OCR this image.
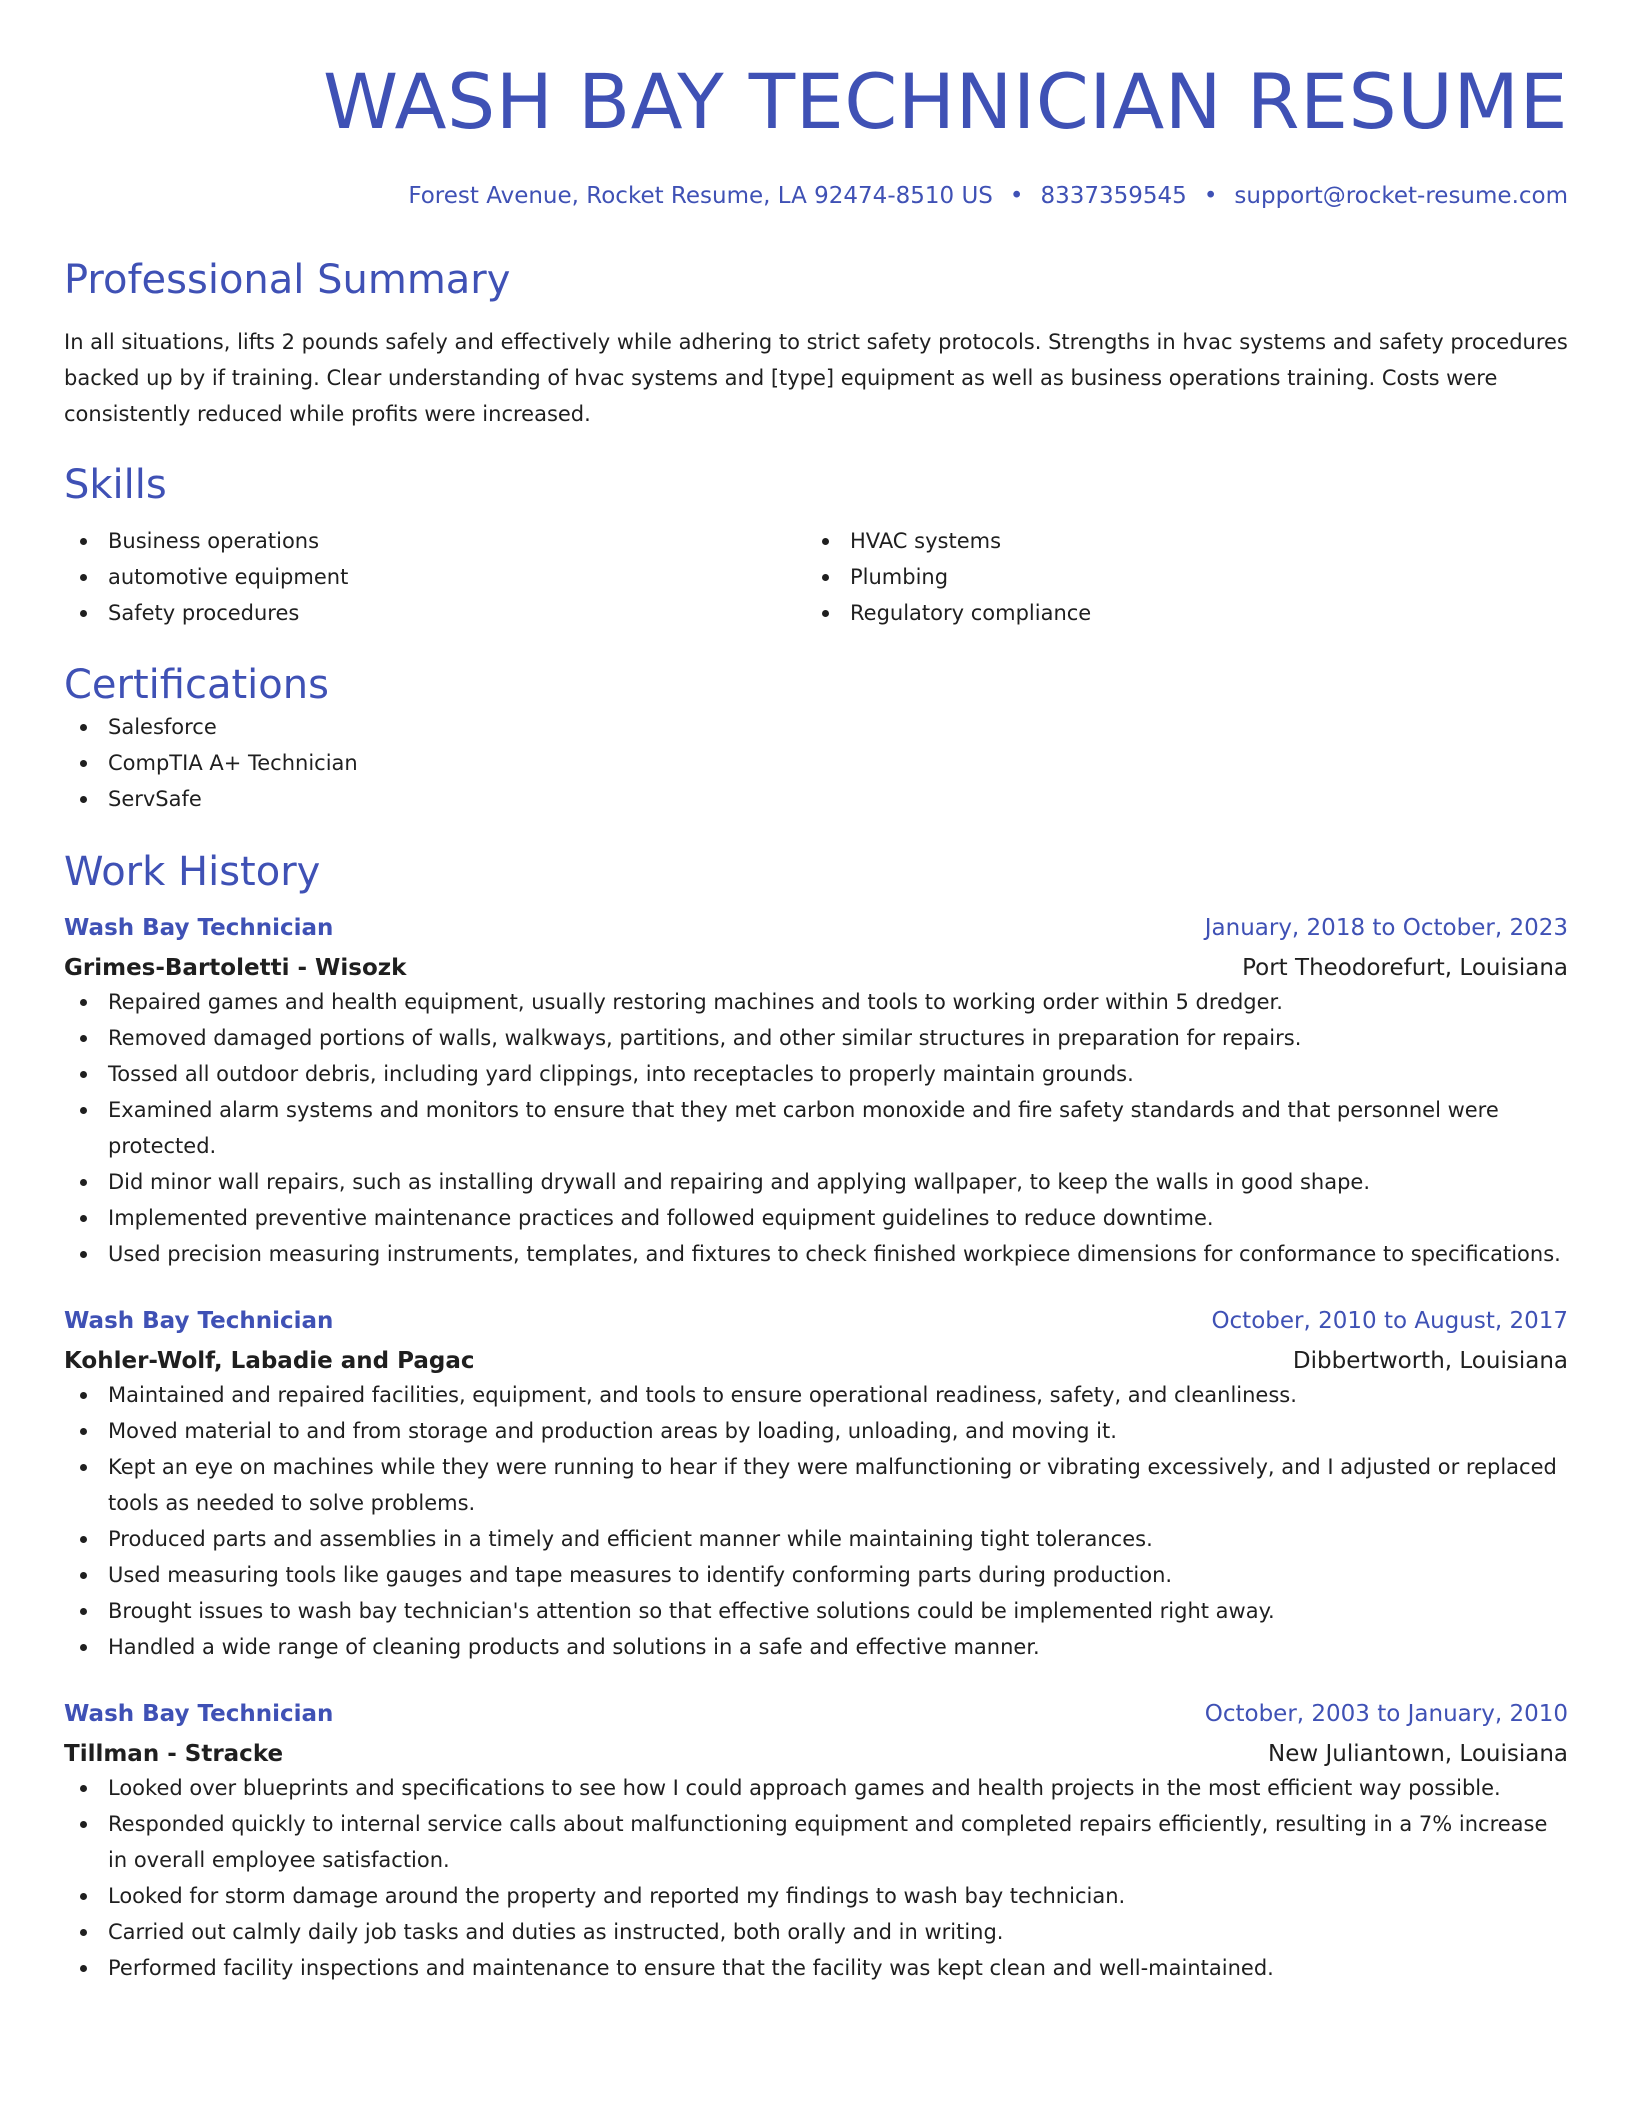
WASH BAY TECHNICIAN RESUME
Forest Avenue, Rocket Resume, LA 92474-8510 US • 8337359545 • support@rocket-resume.com
Professional Summary
In all situations, lifts 2 pounds safely and effectively while adhering to strict safety protocols. Strengths in hvac systems and safety procedures backed up by if training. Clear understanding of hvac systems and [type] equipment as well as business operations training. Costs were consistently reduced while profits were increased.
Skills
Business operations
automotive equipment
Safety procedures
HVAC systems
Plumbing
Regulatory compliance
Certifications
Salesforce
CompTIA A+ Technician
ServSafe
Work History
Wash Bay Technician	January, 2018 to October, 2023
Grimes-Bartoletti - Wisozk	Port Theodorefurt, Louisiana
Repaired games and health equipment, usually restoring machines and tools to working order within 5 dredger.
Removed damaged portions of walls, walkways, partitions, and other similar structures in preparation for repairs.
Tossed all outdoor debris, including yard clippings, into receptacles to properly maintain grounds.
Examined alarm systems and monitors to ensure that they met carbon monoxide and fire safety standards and that personnel were protected.
Did minor wall repairs, such as installing drywall and repairing and applying wallpaper, to keep the walls in good shape.
Implemented preventive maintenance practices and followed equipment guidelines to reduce downtime.
Used precision measuring instruments, templates, and fixtures to check finished workpiece dimensions for conformance to specifications.
Wash Bay Technician	October, 2010 to August, 2017
Kohler-Wolf, Labadie and Pagac	Dibbertworth, Louisiana
Maintained and repaired facilities, equipment, and tools to ensure operational readiness, safety, and cleanliness.
Moved material to and from storage and production areas by loading, unloading, and moving it.
Kept an eye on machines while they were running to hear if they were malfunctioning or vibrating excessively, and I adjusted or replaced tools as needed to solve problems.
Produced parts and assemblies in a timely and efficient manner while maintaining tight tolerances.
Used measuring tools like gauges and tape measures to identify conforming parts during production.
Brought issues to wash bay technician's attention so that effective solutions could be implemented right away.
Handled a wide range of cleaning products and solutions in a safe and effective manner.
Wash Bay Technician	October, 2003 to January, 2010
Tillman - Stracke	New Juliantown, Louisiana
Looked over blueprints and specifications to see how I could approach games and health projects in the most efficient way possible.
Responded quickly to internal service calls about malfunctioning equipment and completed repairs efficiently, resulting in a 7% increase in overall employee satisfaction.
Looked for storm damage around the property and reported my findings to wash bay technician.
Carried out calmly daily job tasks and duties as instructed, both orally and in writing.
Performed facility inspections and maintenance to ensure that the facility was kept clean and well-maintained.
